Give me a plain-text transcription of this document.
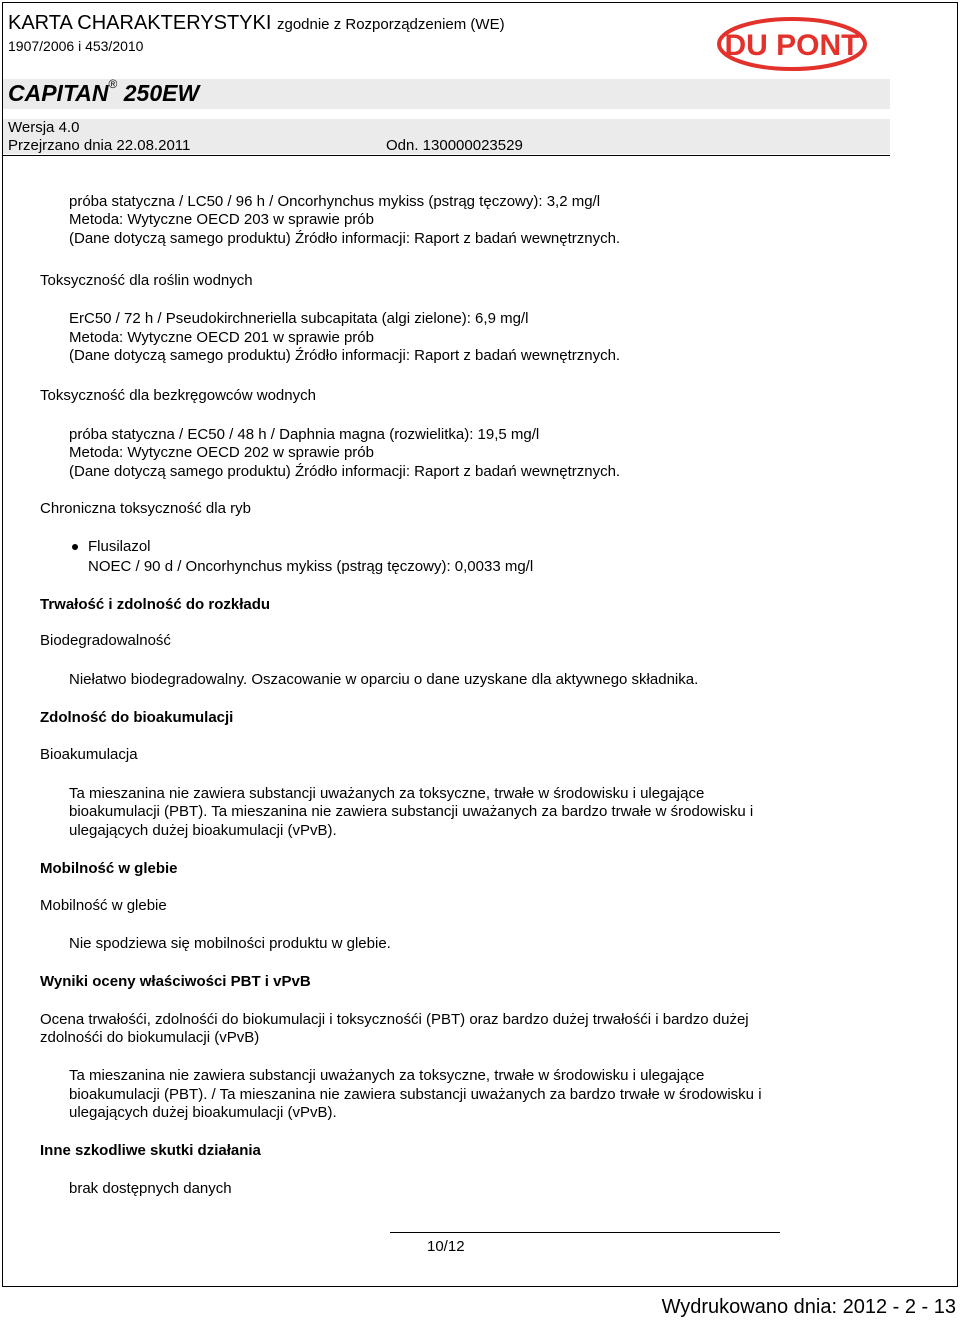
KARTA CHARAKTERYSTYKI zgodnie z Rozporządzeniem (WE)
1907/2006 i 453/2010	DU PONT
CAPITAN® 250EW
Wersja 4.0
Przejrzano dnia 22.08.2011	Odn. 130000023529
próba statyczna / LC50 / 96 h / Oncorhynchus mykiss (pstrąg tęczowy): 3,2 mg/l
Metoda: Wytyczne OECD 203 w sprawie prób
(Dane dotyczą samego produktu) Źródło informacji: Raport z badań wewnętrznych.
Toksyczność dla roślin wodnych
ErC50 / 72 h / Pseudokirchneriella subcapitata (algi zielone): 6,9 mg/l
Metoda: Wytyczne OECD 201 w sprawie prób
(Dane dotyczą samego produktu) Źródło informacji: Raport z badań wewnętrznych.
Toksyczność dla bezkręgowców wodnych
próba statyczna / EC50 / 48 h / Daphnia magna (rozwielitka): 19,5 mg/l
Metoda: Wytyczne OECD 202 w sprawie prób
(Dane dotyczą samego produktu) Źródło informacji: Raport z badań wewnętrznych.
Chroniczna toksyczność dla ryb
Flusilazol
NOEC / 90 d / Oncorhynchus mykiss (pstrąg tęczowy): 0,0033 mg/l
Trwałość i zdolność do rozkładu
Biodegradowalność
Niełatwo biodegradowalny. Oszacowanie w oparciu o dane uzyskane dla aktywnego składnika.
Zdolność do bioakumulacji
Bioakumulacja
Ta mieszanina nie zawiera substancji uważanych za toksyczne, trwałe w środowisku i ulegające
bioakumulacji (PBT). Ta mieszanina nie zawiera substancji uważanych za bardzo trwałe w środowisku i
ulegających dużej bioakumulacji (vPvB).
Mobilność w glebie
Mobilność w glebie
Nie spodziewa się mobilności produktu w glebie.
Wyniki oceny właściwości PBT i vPvB
Ocena trwałośći, zdolnośći do biokumulacji i toksycznośći (PBT) oraz bardzo dużej trwałośći i bardzo dużej
zdolnośći do biokumulacji (vPvB)
Ta mieszanina nie zawiera substancji uważanych za toksyczne, trwałe w środowisku i ulegające
bioakumulacji (PBT). / Ta mieszanina nie zawiera substancji uważanych za bardzo trwałe w środowisku i
ulegających dużej bioakumulacji (vPvB).
Inne szkodliwe skutki działania
brak dostępnych danych
10/12
Wydrukowano dnia: 2012 - 2 - 13
